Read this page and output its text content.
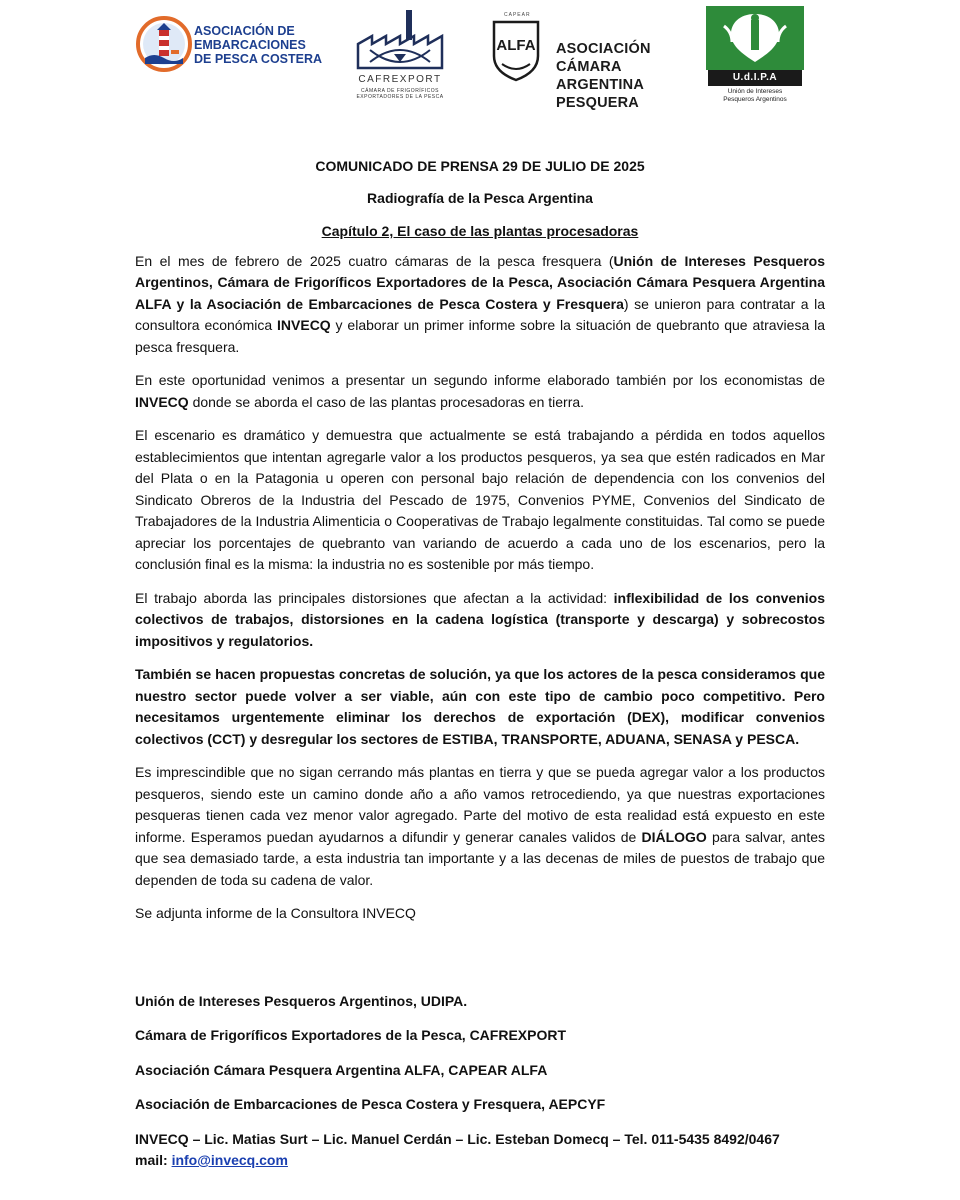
ASOCIACIÓN DE
EMBARCACIONES
DE PESCA COSTERA
CAFREXPORT
CÁMARA DE FRIGORÍFICOS
EXPORTADORES DE LA PESCA
CAPEAR
ALFA ASOCIACIÓN CÁMARA
ARGENTINA PESQUERA
U.d.I.P.A
Unión de Intereses
Pesqueros Argentinos

COMUNICADO DE PRENSA 29 DE JULIO DE 2025

Radiografía de la Pesca Argentina

Capítulo 2, El caso de las plantas procesadoras

En el mes de febrero de 2025 cuatro cámaras de la pesca fresquera (Unión de Intereses Pesqueros Argentinos, Cámara de Frigoríficos Exportadores de la Pesca, Asociación Cámara Pesquera Argentina ALFA y la Asociación de Embarcaciones de Pesca Costera y Fresquera) se unieron para contratar a la consultora económica INVECQ y elaborar un primer informe sobre la situación de quebranto que atraviesa la pesca fresquera.

En este oportunidad venimos a presentar un segundo informe elaborado también por los economistas de INVECQ donde se aborda el caso de las plantas procesadoras en tierra.

El escenario es dramático y demuestra que actualmente se está trabajando a pérdida en todos aquellos establecimientos que intentan agregarle valor a los productos pesqueros, ya sea que estén radicados en Mar del Plata o en la Patagonia u operen con personal bajo relación de dependencia con los convenios del Sindicato Obreros de la Industria del Pescado de 1975, Convenios PYME, Convenios del Sindicato de Trabajadores de la Industria Alimenticia o Cooperativas de Trabajo legalmente constituidas. Tal como se puede apreciar los porcentajes de quebranto van variando de acuerdo a cada uno de los escenarios, pero la conclusión final es la misma: la industria no es sostenible por más tiempo.

El trabajo aborda las principales distorsiones que afectan a la actividad: inflexibilidad de los convenios colectivos de trabajos, distorsiones en la cadena logística (transporte y descarga) y sobrecostos impositivos y regulatorios.

También se hacen propuestas concretas de solución, ya que los actores de la pesca consideramos que nuestro sector puede volver a ser viable, aún con este tipo de cambio poco competitivo. Pero necesitamos urgentemente eliminar los derechos de exportación (DEX), modificar convenios colectivos (CCT) y desregular los sectores de ESTIBA, TRANSPORTE, ADUANA, SENASA y PESCA.

Es imprescindible que no sigan cerrando más plantas en tierra y que se pueda agregar valor a los productos pesqueros, siendo este un camino donde año a año vamos retrocediendo, ya que nuestras exportaciones pesqueras tienen cada vez menor valor agregado. Parte del motivo de esta realidad está expuesto en este informe. Esperamos puedan ayudarnos a difundir y generar canales validos de DIÁLOGO para salvar, antes que sea demasiado tarde, a esta industria tan importante y a las decenas de miles de puestos de trabajo que dependen de toda su cadena de valor.

Se adjunta informe de la Consultora INVECQ

Unión de Intereses Pesqueros Argentinos, UDIPA.

Cámara de Frigoríficos Exportadores de la Pesca, CAFREXPORT

Asociación Cámara Pesquera Argentina ALFA, CAPEAR ALFA

Asociación de Embarcaciones de Pesca Costera y Fresquera, AEPCYF

INVECQ – Lic. Matias Surt – Lic. Manuel Cerdán – Lic. Esteban Domecq – Tel. 011-5435 8492/0467
mail: info@invecq.com
